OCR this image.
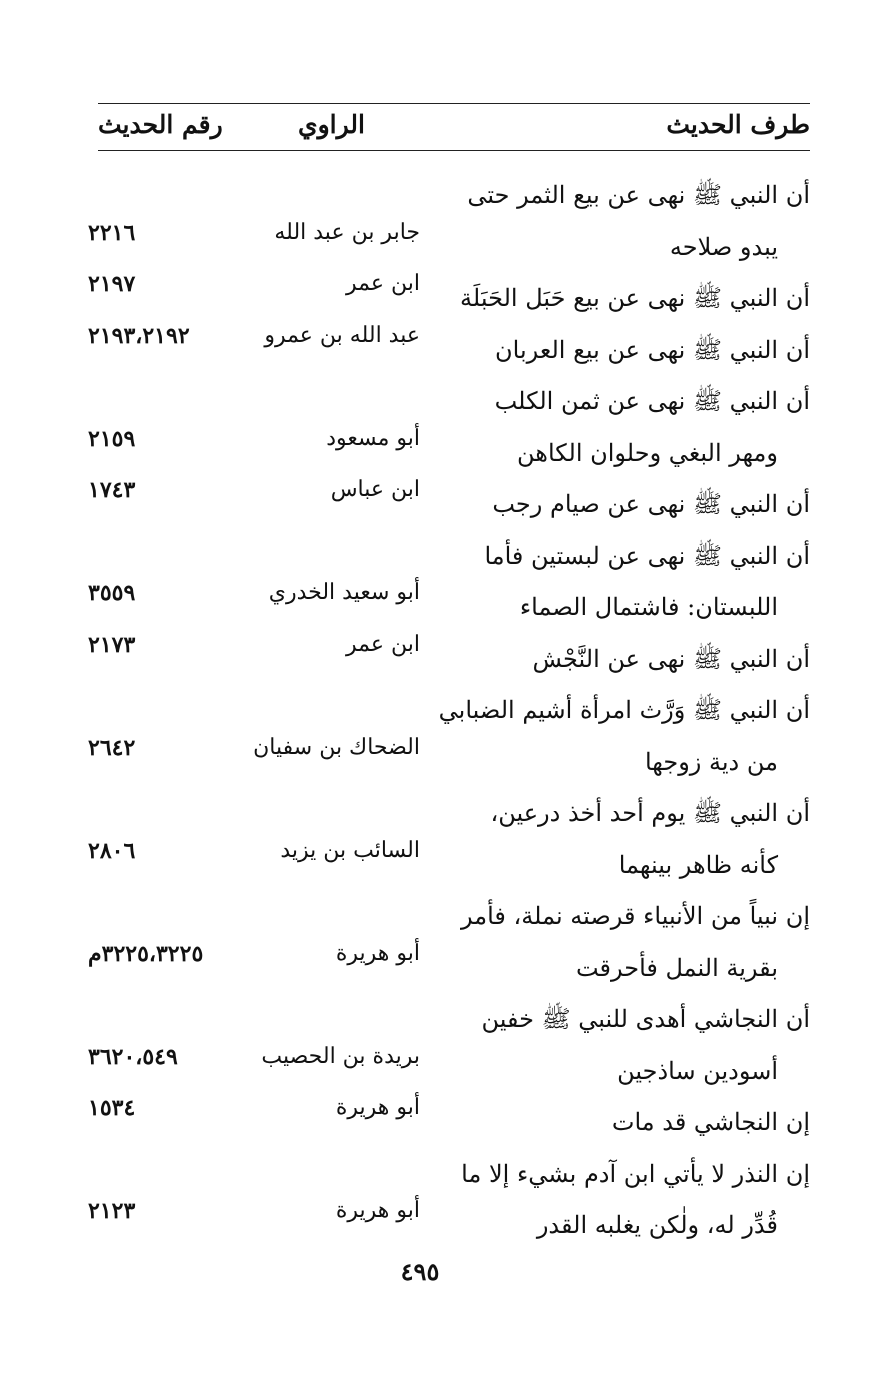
طرف الحديث
الراوي
رقم الحديث
أن النبي ﷺ نهى عن بيع الثمر حتى
يبدو صلاحه
جابر بن عبد الله
٢٢١٦
أن النبي ﷺ نهى عن بيع حَبَل الحَبَلَة
ابن عمر
٢١٩٧
أن النبي ﷺ نهى عن بيع العربان
عبد الله بن عمرو
٢١٩٣،٢١٩٢
أن النبي ﷺ نهى عن ثمن الكلب
ومهر البغي وحلوان الكاهن
أبو مسعود
٢١٥٩
أن النبي ﷺ نهى عن صيام رجب
ابن عباس
١٧٤٣
أن النبي ﷺ نهى عن لبستين فأما
اللبستان: فاشتمال الصماء
أبو سعيد الخدري
٣٥٥٩
أن النبي ﷺ نهى عن النَّجْش
ابن عمر
٢١٧٣
أن النبي ﷺ وَرَّث امرأة أشيم الضبابي
من دية زوجها
الضحاك بن سفيان
٢٦٤٢
أن النبي ﷺ يوم أحد أخذ درعين،
كأنه ظاهر بينهما
السائب بن يزيد
٢٨٠٦
إن نبياً من الأنبياء قرصته نملة، فأمر
بقرية النمل فأحرقت
أبو هريرة
٣٢٢٥،٣٢٢٥م
أن النجاشي أهدى للنبي ﷺ خفين
أسودين ساذجين
بريدة بن الحصيب
٣٦٢٠،٥٤٩
إن النجاشي قد مات
أبو هريرة
١٥٣٤
إن النذر لا يأتي ابن آدم بشيء إلا ما
قُدِّر له، ولٰكن يغلبه القدر
أبو هريرة
٢١٢٣
٤٩٥
